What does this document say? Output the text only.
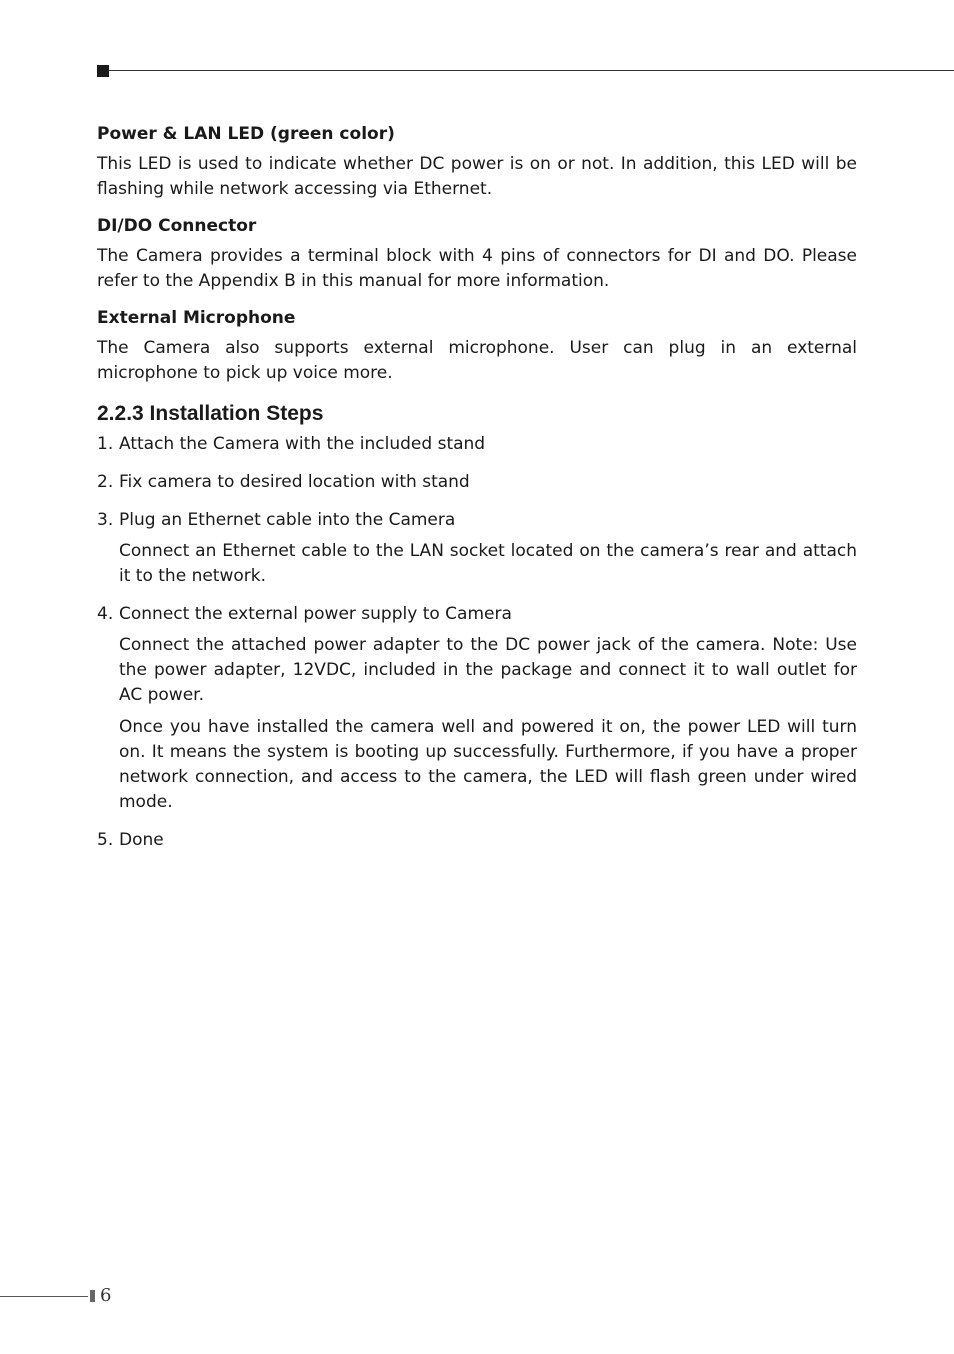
Power & LAN LED (green color)
This LED is used to indicate whether DC power is on or not. In addition, this LED will be flashing while network accessing via Ethernet.
DI/DO Connector
The Camera provides a terminal block with 4 pins of connectors for DI and DO. Please refer to the Appendix B in this manual for more information.
External Microphone
The Camera also supports external microphone. User can plug in an external microphone to pick up voice more.
2.2.3 Installation Steps
1. Attach the Camera with the included stand
2. Fix camera to desired location with stand
3. Plug an Ethernet cable into the Camera
Connect an Ethernet cable to the LAN socket located on the camera’s rear and attach it to the network.
4. Connect the external power supply to Camera
Connect the attached power adapter to the DC power jack of the camera. Note: Use the power adapter, 12VDC, included in the package and connect it to wall outlet for AC power.
Once you have installed the camera well and powered it on, the power LED will turn on. It means the system is booting up successfully. Furthermore, if you have a proper network connection, and access to the camera, the LED will flash green under wired mode.
5. Done
6
